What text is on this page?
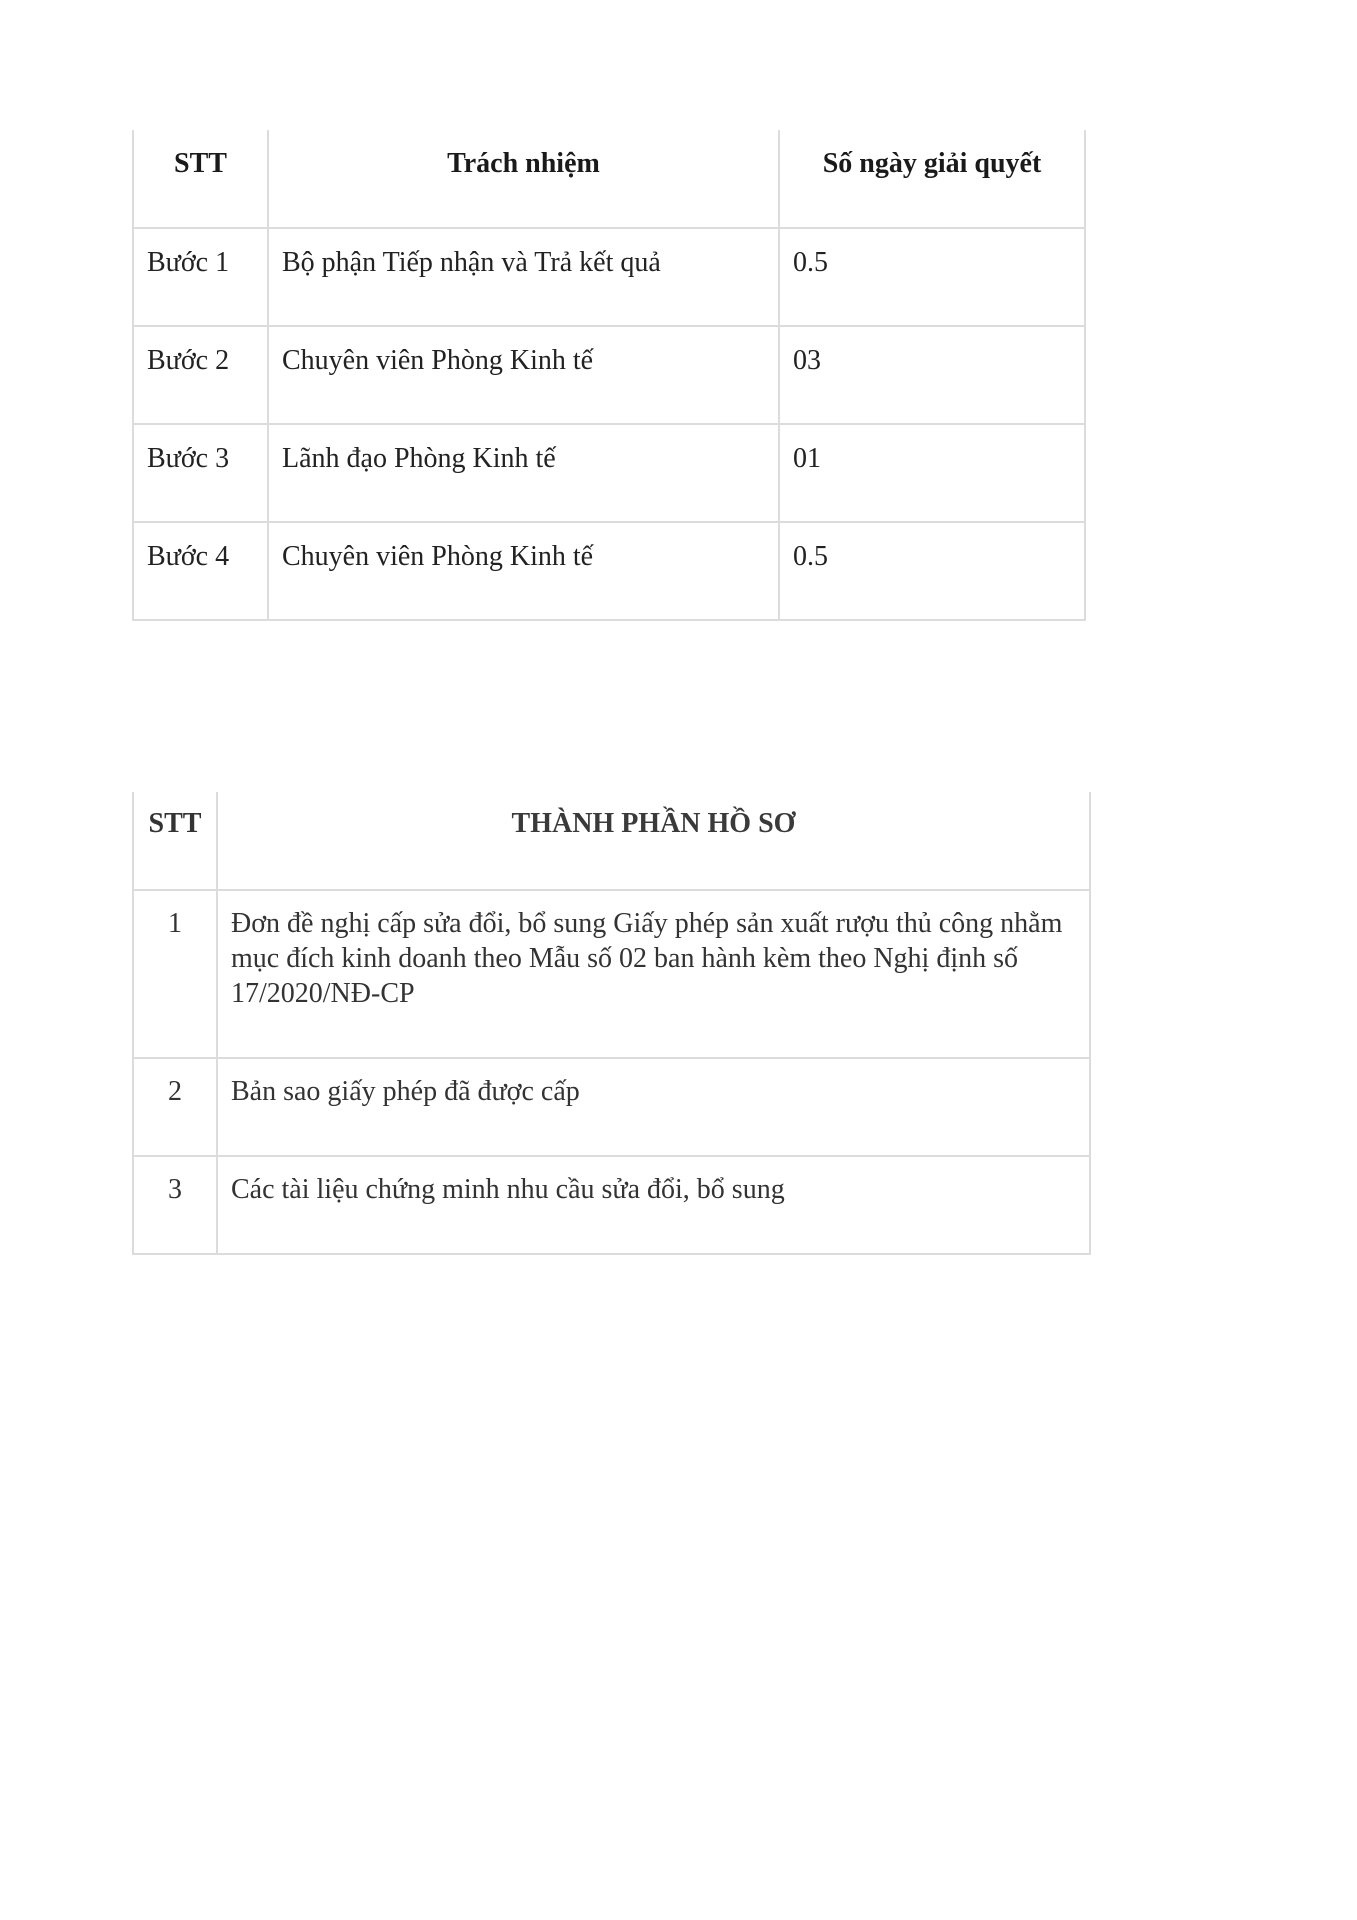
STT	Trách nhiệm	Số ngày giải quyết

Bước 1	Bộ phận Tiếp nhận và Trả kết quả	0.5

Bước 2	Chuyên viên Phòng Kinh tế	03

Bước 3	Lãnh đạo Phòng Kinh tế	01

Bước 4	Chuyên viên Phòng Kinh tế	0.5
STT	THÀNH PHẦN HỒ SƠ

1	Đơn đề nghị cấp sửa đổi, bổ sung Giấy phép sản xuất rượu thủ công nhằm mục đích kinh doanh theo Mẫu số 02 ban hành kèm theo Nghị định số 17/2020/NĐ-CP

2	Bản sao giấy phép đã được cấp

3	Các tài liệu chứng minh nhu cầu sửa đổi, bổ sung
